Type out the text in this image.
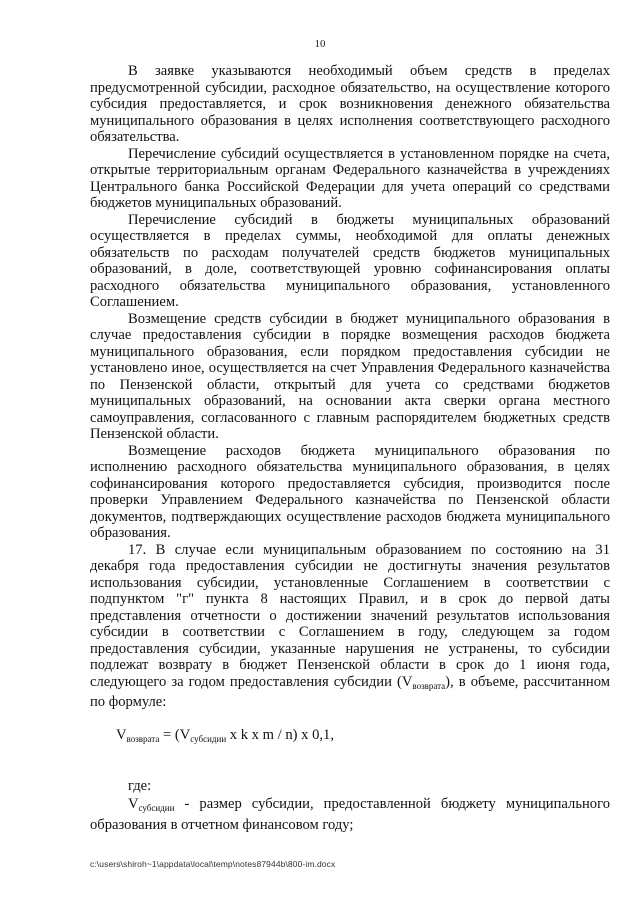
10

В заявке указываются необходимый объем средств в пределах предусмотренной субсидии, расходное обязательство, на осуществление которого субсидия предоставляется, и срок возникновения денежного обязательства муниципального образования в целях исполнения соответствующего расходного обязательства.

Перечисление субсидий осуществляется в установленном порядке на счета, открытые территориальным органам Федерального казначейства в учреждениях Центрального банка Российской Федерации для учета операций со средствами бюджетов муниципальных образований.

Перечисление субсидий в бюджеты муниципальных образований осуществляется в пределах суммы, необходимой для оплаты денежных обязательств по расходам получателей средств бюджетов муниципальных образований, в доле, соответствующей уровню софинансирования оплаты расходного обязательства муниципального образования, установленного Соглашением.

Возмещение средств субсидии в бюджет муниципального образования в случае предоставления субсидии в порядке возмещения расходов бюджета муниципального образования, если порядком предоставления субсидии не установлено иное, осуществляется на счет Управления Федерального казначейства по Пензенской области, открытый для учета со средствами бюджетов муниципальных образований, на основании акта сверки органа местного самоуправления, согласованного с главным распорядителем бюджетных средств Пензенской области.

Возмещение расходов бюджета муниципального образования по исполнению расходного обязательства муниципального образования, в целях софинансирования которого предоставляется субсидия, производится после проверки Управлением Федерального казначейства по Пензенской области документов, подтверждающих осуществление расходов бюджета муниципального образования.

17. В случае если муниципальным образованием по состоянию на 31 декабря года предоставления субсидии не достигнуты значения результатов использования субсидии, установленные Соглашением в соответствии с подпунктом "г" пункта 8 настоящих Правил, и в срок до первой даты представления отчетности о достижении значений результатов использования субсидии в соответствии с Соглашением в году, следующем за годом предоставления субсидии, указанные нарушения не устранены, то субсидии подлежат возврату в бюджет Пензенской области в срок до 1 июня года, следующего за годом предоставления субсидии $(V_{возврата})$, в объеме, рассчитанном по формуле:

$V_{возврата} = (V_{субсидии}$ x k x m / n) x 0,1,

где:

$V_{субсидии}$ - размер субсидии, предоставленной бюджету муниципального образования в отчетном финансовом году;

c:\users\shiroh~1\appdata\local\temp\notes87944b\800-im.docx
